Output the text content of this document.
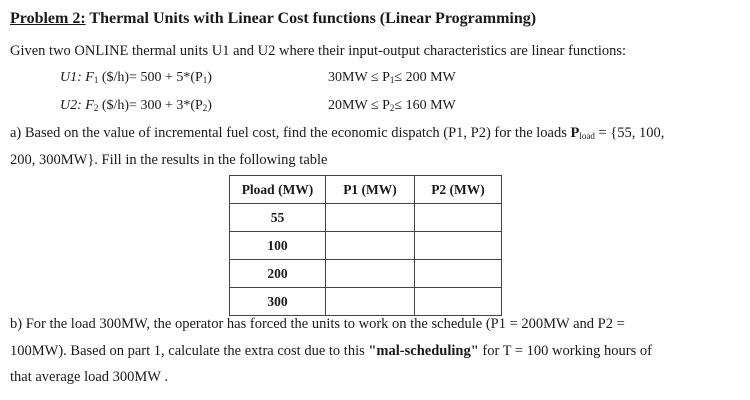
Problem 2: Thermal Units with Linear Cost functions (Linear Programming)
Given two ONLINE thermal units U1 and U2 where their input-output characteristics are linear functions:
U1: $F_1$ ($/h)= $500 + 5*(P_1)$	$30MW \le P_1\le 200$ MW
U2: $F_2$ ($/h)= $300 + 3*(P_2)$	$20MW \le P_2\le 160$ MW
a) Based on the value of incremental fuel cost, find the economic dispatch (P1, P2) for the loads $P_{load} = \{55$, 100,
200, 300MW}. Fill in the results in the following table
Pload (MW)	P1 (MW)	P2 (MW)
55		
100		
200		
300		
b) For the load 300MW, the operator has forced the units to work on the schedule (P1 = 200MW and P2 =
100MW). Based on part 1, calculate the extra cost due to this "mal-scheduling" for T = 100 working hours of
that average load 300MW .
